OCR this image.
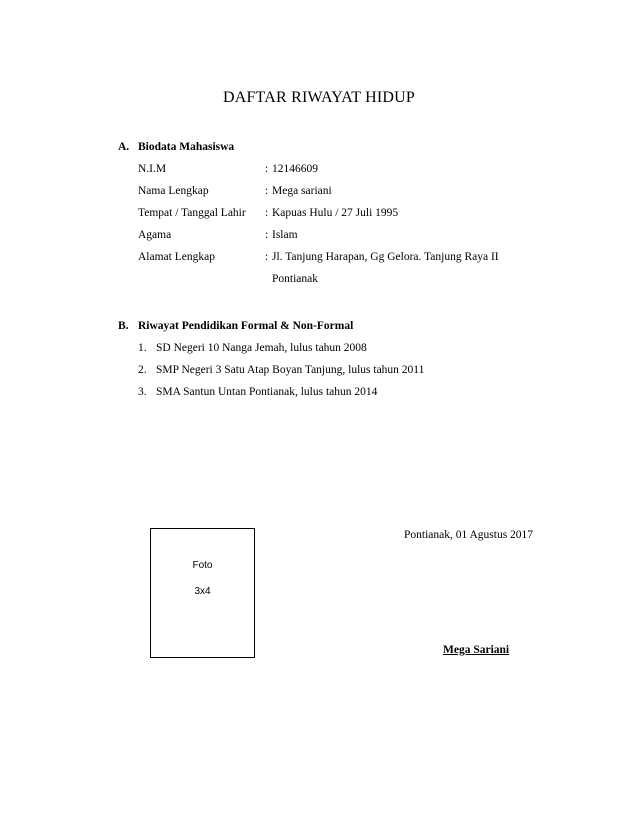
DAFTAR RIWAYAT HIDUP
A. Biodata Mahasiswa
N.I.M	: 12146609
Nama Lengkap	: Mega sariani
Tempat / Tanggal Lahir : Kapuas Hulu / 27 Juli 1995
Agama	: Islam
Alamat Lengkap	: Jl. Tanjung Harapan, Gg Gelora. Tanjung Raya II
Pontianak
B. Riwayat Pendidikan Formal & Non-Formal
1. SD Negeri 10 Nanga Jemah, lulus tahun 2008
2. SMP Negeri 3 Satu Atap Boyan Tanjung, lulus tahun 2011
3. SMA Santun Untan Pontianak, lulus tahun 2014
Foto
3x4
Pontianak, 01 Agustus 2017
Mega Sariani
